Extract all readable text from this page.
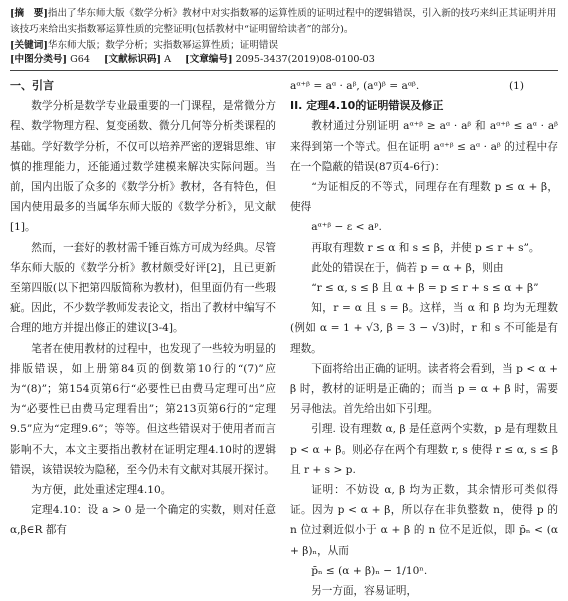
[摘　要]指出了华东师大版《数学分析》教材中对实指数幂的运算性质的证明过程中的逻辑错误，引入新的技巧来纠正其证明并用该技巧来给出实指数幂运算性质的完整证明(包括教材中“证明留给读者”的部分)。

[关键词]华东师大版；数学分析；实指数幂运算性质；证明错误

[中图分类号] G64 [文献标识码] A [文章编号] 2095-3437(2019)08-0100-03

一、引言

数学分析是数学专业最重要的一门课程，是常微分方程、数学物理方程、复变函数、微分几何等分析类课程的基础。学好数学分析，不仅可以培养严密的逻辑思维、审慎的推理能力，还能通过数学建模来解决实际问题。当前，国内出版了众多的《数学分析》教材，各有特色，但国内使用最多的当属华东师大版的《数学分析》，见文献[1]。

然而，一套好的教材需千锤百炼方可成为经典。尽管华东师大版的《数学分析》教材颇受好评[2]，且已更新至第四版(以下把第四版简称为教材)，但里面仍有一些瑕疵。因此，不少数学教师发表论文，指出了教材中编写不合理的地方并提出修正的建议[3-4]。

笔者在使用教材的过程中，也发现了一些较为明显的排版错误，如上册第84页的倒数第10行的“(7)”应为“(8)”；第154页第6行“必要性已由费马定理可出”应为“必要性已由费马定理看出”；第213页第6行的“定理9.5”应为“定理9.6”；等等。但这些错误对于使用者而言影响不大，本文主要指出教材在证明定理4.10时的逻辑错误，该错误较为隐秘，至今仍未有文献对其展开探讨。

为方便，此处重述定理4.10。

定理4.10：设 a > 0 是一个确定的实数，则对任意 α,β∈R 都有

aᵅ⁺ᵝ = aᵅ · aᵝ, (aᵅ)ᵝ = aᵅᵝ.	(1)

II. 定理4.10的证明错误及修正

教材通过分别证明 aᵅ⁺ᵝ ≥ aᵅ · aᵝ 和 aᵅ⁺ᵝ ≤ aᵅ · aᵝ 来得到第一个等式。但在证明 aᵅ⁺ᵝ ≤ aᵅ · aᵝ 的过程中存在一个隐蔽的错误(87页4-6行)：

“为证相反的不等式，同理存在有理数 p ≤ α + β，使得

aᵅ⁺ᵝ − ε < aᵖ.

再取有理数 r ≤ α 和 s ≤ β，并使 p ≤ r + s”。

此处的错误在于，倘若 p = α + β，则由

“r ≤ α, s ≤ β 且 α + β = p ≤ r + s ≤ α + β”

知，r = α 且 s = β。这样，当 α 和 β 均为无理数(例如 α = 1 + √3, β = 3 − √3)时，r 和 s 不可能是有理数。

下面将给出正确的证明。读者将会看到，当 p < α + β 时，教材的证明是正确的；而当 p = α + β 时，需要另寻他法。首先给出如下引理。

引理. 设有理数 α, β 是任意两个实数，p 是有理数且 p < α + β。则必存在两个有理数 r, s 使得 r ≤ α, s ≤ β 且 r + s > p.

证明：不妨设 α, β 均为正数，其余情形可类似得证。因为 p < α + β，所以存在非负整数 n，使得 p 的 n 位过剩近似小于 α + β 的 n 位不足近似，即 p̄ₙ < (α + β)ₙ，从而

p̄ₙ ≤ (α + β)ₙ − 1/10ⁿ.

另一方面，容易证明，
